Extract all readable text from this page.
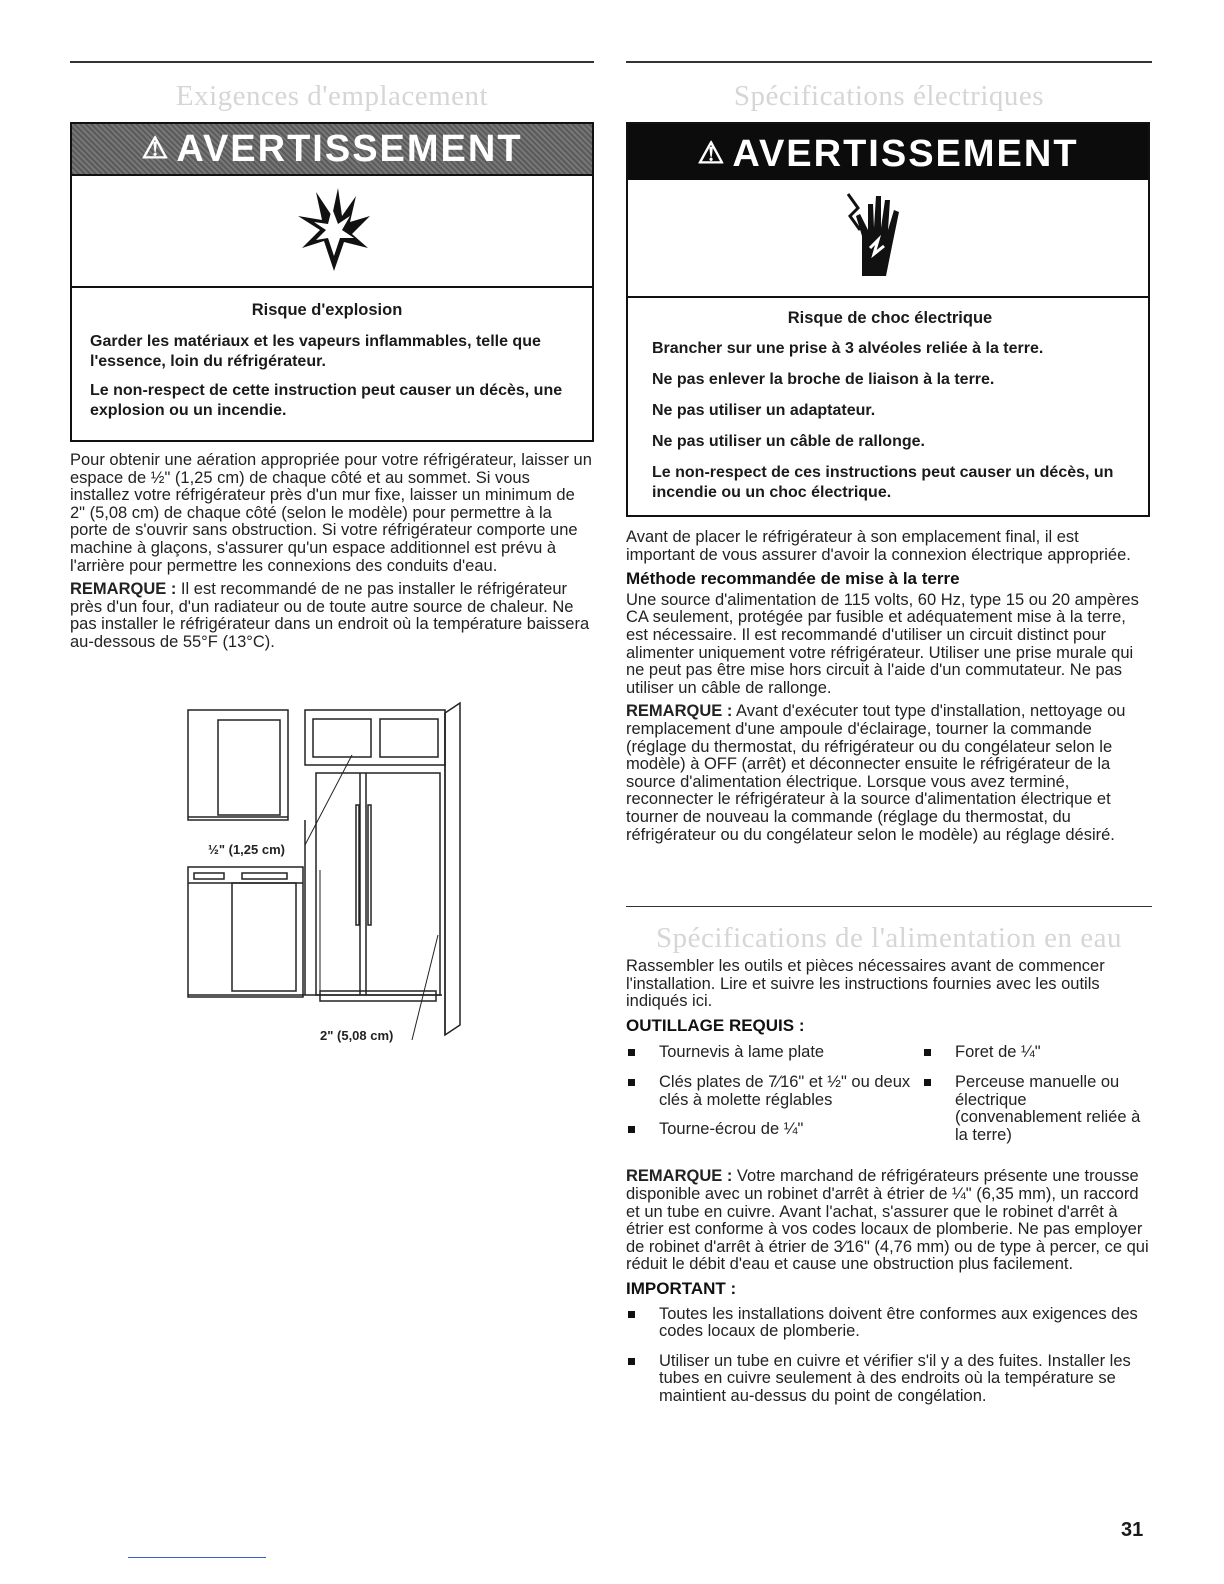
Exigences d'emplacement
⚠ AVERTISSEMENT

Risque d'explosion

Garder les matériaux et les vapeurs inflammables, telle que l'essence, loin du réfrigérateur.

Le non-respect de cette instruction peut causer un décès, une explosion ou un incendie.

Pour obtenir une aération appropriée pour votre réfrigérateur, laisser un espace de ½" (1,25 cm) de chaque côté et au sommet. Si vous installez votre réfrigérateur près d'un mur fixe, laisser un minimum de 2" (5,08 cm) de chaque côté (selon le modèle) pour permettre à la porte de s'ouvrir sans obstruction. Si votre réfrigérateur comporte une machine à glaçons, s'assurer qu'un espace additionnel est prévu à l'arrière pour permettre les connexions des conduits d'eau.

REMARQUE : Il est recommandé de ne pas installer le réfrigérateur près d'un four, d'un radiateur ou de toute autre source de chaleur. Ne pas installer le réfrigérateur dans un endroit où la température baissera au-dessous de 55°F (13°C).

½" (1,25 cm)
2" (5,08 cm)
Spécifications électriques
⚠ AVERTISSEMENT

Risque de choc électrique

Brancher sur une prise à 3 alvéoles reliée à la terre.

Ne pas enlever la broche de liaison à la terre.

Ne pas utiliser un adaptateur.

Ne pas utiliser un câble de rallonge.

Le non-respect de ces instructions peut causer un décès, un incendie ou un choc électrique.

Avant de placer le réfrigérateur à son emplacement final, il est important de vous assurer d'avoir la connexion électrique appropriée.

Méthode recommandée de mise à la terre

Une source d'alimentation de 115 volts, 60 Hz, type 15 ou 20 ampères CA seulement, protégée par fusible et adéquatement mise à la terre, est nécessaire. Il est recommandé d'utiliser un circuit distinct pour alimenter uniquement votre réfrigérateur. Utiliser une prise murale qui ne peut pas être mise hors circuit à l'aide d'un commutateur. Ne pas utiliser un câble de rallonge.

REMARQUE : Avant d'exécuter tout type d'installation, nettoyage ou remplacement d'une ampoule d'éclairage, tourner la commande (réglage du thermostat, du réfrigérateur ou du congélateur selon le modèle) à OFF (arrêt) et déconnecter ensuite le réfrigérateur de la source d'alimentation électrique. Lorsque vous avez terminé, reconnecter le réfrigérateur à la source d'alimentation électrique et tourner de nouveau la commande (réglage du thermostat, du réfrigérateur ou du congélateur selon le modèle) au réglage désiré.

Spécifications de l'alimentation en eau

Rassembler les outils et pièces nécessaires avant de commencer l'installation. Lire et suivre les instructions fournies avec les outils indiqués ici.

OUTILLAGE REQUIS :
Tournevis à lame plate
Clés plates de 7⁄16" et ½" ou deux clés à molette réglables
Tourne-écrou de ¼"
Foret de ¼"
Perceuse manuelle ou électrique (convenablement reliée à la terre)

REMARQUE : Votre marchand de réfrigérateurs présente une trousse disponible avec un robinet d'arrêt à étrier de ¼" (6,35 mm), un raccord et un tube en cuivre. Avant l'achat, s'assurer que le robinet d'arrêt à étrier est conforme à vos codes locaux de plomberie. Ne pas employer de robinet d'arrêt à étrier de 3⁄16" (4,76 mm) ou de type à percer, ce qui réduit le débit d'eau et cause une obstruction plus facilement.

IMPORTANT :
Toutes les installations doivent être conformes aux exigences des codes locaux de plomberie.
Utiliser un tube en cuivre et vérifier s'il y a des fuites. Installer les tubes en cuivre seulement à des endroits où la température se maintient au-dessus du point de congélation.
31
